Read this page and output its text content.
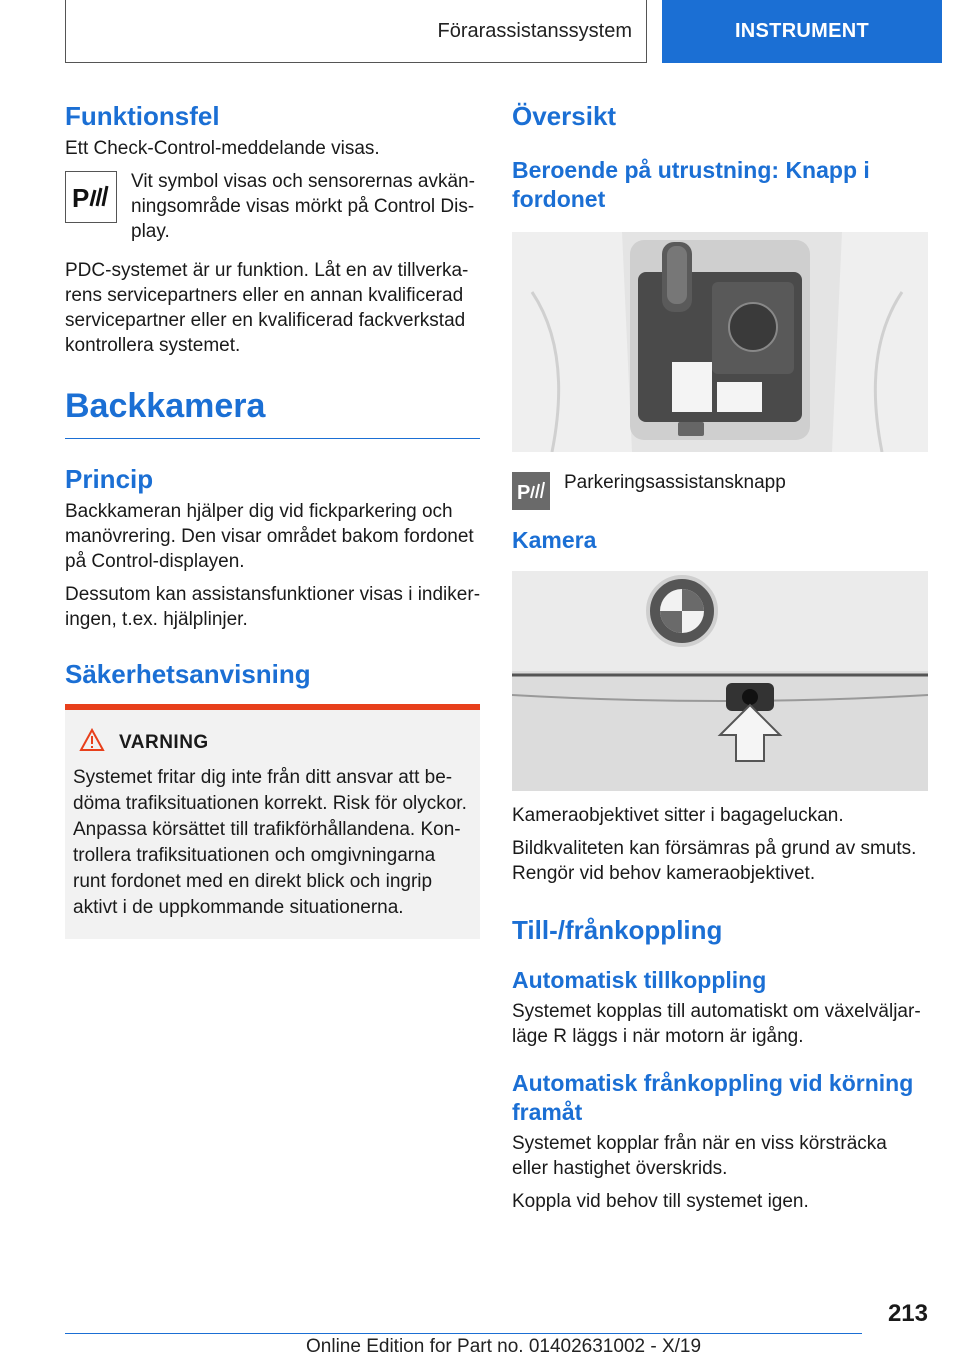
Förarassistanssystem	INSTRUMENT
Funktionsfel

Ett Check-Control-meddelande visas.

P
Vit symbol visas och sensorernas avkänningsområde visas mörkt på Control Display.

PDC-systemet är ur funktion. Låt en av tillverkarens servicepartners eller en annan kvalificerad servicepartner eller en kvalificerad fackverkstad kontrollera systemet.

Backkamera
Princip

Backkameran hjälper dig vid fickparkering och manövrering. Den visar området bakom fordonet på Control-displayen.

Dessutom kan assistansfunktioner visas i indikeringen, t.ex. hjälplinjer.

Säkerhetsanvisning
VARNING

Systemet fritar dig inte från ditt ansvar att bedöma trafiksituationen korrekt. Risk för olyckor. Anpassa körsättet till trafikförhållandena. Kontrollera trafiksituationen och omgivningarna runt fordonet med en direkt blick och ingrip aktivt i de uppkommande situationerna.

Översikt
Beroende på utrustning: Knapp i fordonet
P Parkeringsassistansknapp
Kamera

Kameraobjektivet sitter i bagageluckan.

Bildkvaliteten kan försämras på grund av smuts. Rengör vid behov kameraobjektivet.

Till-/frånkoppling
Automatisk tillkoppling

Systemet kopplas till automatiskt om växelväljarläge R läggs i när motorn är igång.

Automatisk frånkoppling vid körning framåt

Systemet kopplar från när en viss körsträcka eller hastighet överskrids.

Koppla vid behov till systemet igen.

213
Online Edition for Part no. 01402631002 - X/19
